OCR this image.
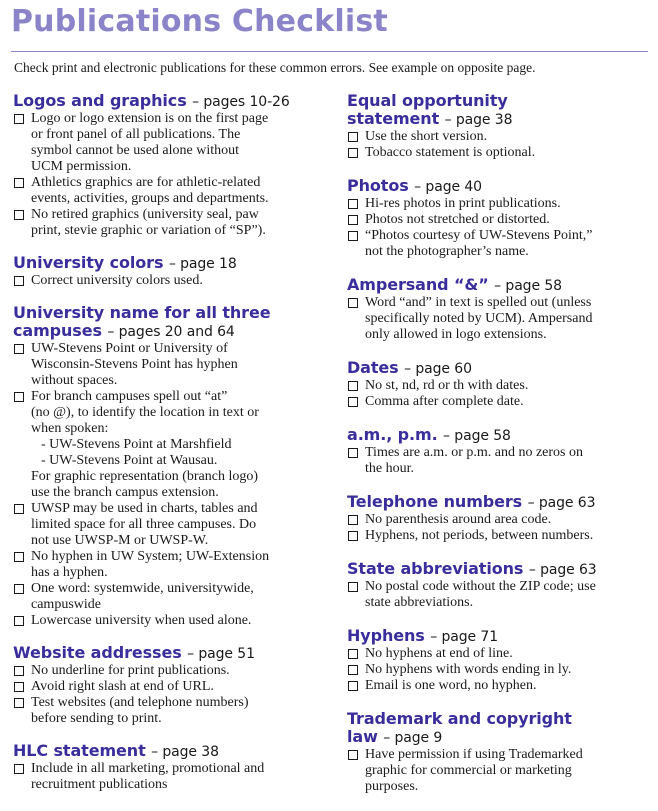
Publications Checklist
Check print and electronic publications for these common errors. See example on opposite page.
Logos and graphics – pages 10-26
Logo or logo extension is on the first page
or front panel of all publications. The
symbol cannot be used alone without
UCM permission.
Athletics graphics are for athletic-related
events, activities, groups and departments.
No retired graphics (university seal, paw
print, stevie graphic or variation of “SP”).
University colors – page 18
Correct university colors used.
University name for all three
campuses – pages 20 and 64
UW-Stevens Point or University of
Wisconsin-Stevens Point has hyphen
without spaces.
For branch campuses spell out “at”
(no @), to identify the location in text or
when spoken:
- UW-Stevens Point at Marshfield
- UW-Stevens Point at Wausau.
For graphic representation (branch logo)
use the branch campus extension.
UWSP may be used in charts, tables and
limited space for all three campuses. Do
not use UWSP-M or UWSP-W.
No hyphen in UW System; UW-Extension
has a hyphen.
One word: systemwide, universitywide,
campuswide
Lowercase university when used alone.
Website addresses – page 51
No underline for print publications.
Avoid right slash at end of URL.
Test websites (and telephone numbers)
before sending to print.
HLC statement – page 38
Include in all marketing, promotional and
recruitment publications
Equal opportunity
statement – page 38
Use the short version.
Tobacco statement is optional.
Photos – page 40
Hi-res photos in print publications.
Photos not stretched or distorted.
“Photos courtesy of UW-Stevens Point,”
not the photographer’s name.
Ampersand “&” – page 58
Word “and” in text is spelled out (unless
specifically noted by UCM). Ampersand
only allowed in logo extensions.
Dates – page 60
No st, nd, rd or th with dates.
Comma after complete date.
a.m., p.m. – page 58
Times are a.m. or p.m. and no zeros on
the hour.
Telephone numbers – page 63
No parenthesis around area code.
Hyphens, not periods, between numbers.
State abbreviations – page 63
No postal code without the ZIP code; use
state abbreviations.
Hyphens – page 71
No hyphens at end of line.
No hyphens with words ending in ly.
Email is one word, no hyphen.
Trademark and copyright
law – page 9
Have permission if using Trademarked
graphic for commercial or marketing
purposes.
